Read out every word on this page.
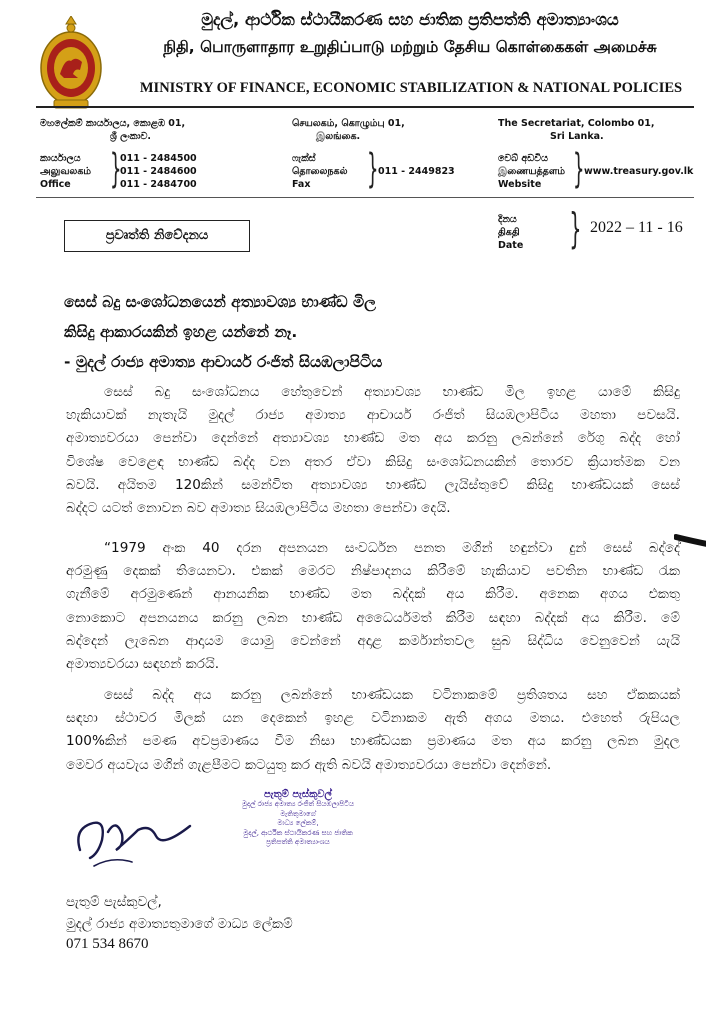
මුදල්, ආර්ථික ස්ථායීකරණ සහ ජාතික ප්‍රතිපත්ති අමාත්‍යාංශය
நிதி, பொருளாதார உறுதிப்பாடு மற்றும் தேசிய கொள்கைகள் அமைச்சு
MINISTRY OF FINANCE, ECONOMIC STABILIZATION & NATIONAL POLICIES
මහලේකම් කාර්යාලය, කොළඹ 01,
ශ්‍රී ලංකාව.
செயலகம், கொழும்பு 01,
இலங்கை.
The Secretariat, Colombo 01,
Sri Lanka.
කාර්යාලය
அலுவலகம்
Office }
011 - 2484500
011 - 2484600
011 - 2484700
ෆැක්ස්
தொலைநகல்
Fax } 011 - 2449823
වෙබ් අඩවිය
இணையத்தளம்
Website } www.treasury.gov.lk
ප්‍රවෘත්ති නිවේදනය
දිනය
திகதி
Date } 2022 – 11 - 16
සෙස් බදු සංශෝධනයෙන් අත්‍යාවශ්‍ය භාණ්ඩ මිල
කිසිදු ආකාරයකින් ඉහළ යන්නේ නෑ.
- මුදල් රාජ්‍ය අමාත්‍ය ආචාර්ය රංජිත් සියඹලාපිටිය
සෙස් බදු සංශෝධනය හේතුවෙන් අත්‍යාවශ්‍ය භාණ්ඩ මිල ඉහළ යාමේ කිසිදු
හැකියාවක් නැතැයි මුදල් රාජ්‍ය අමාත්‍ය ආචාර්ය රංජිත් සියඹලාපිටිය මහතා පවසයි.
අමාත්‍යවරයා පෙන්වා දෙන්නේ අත්‍යාවශ්‍ය භාණ්ඩ මත අය කරනු ලබන්නේ රේගු බද්ද හෝ
විශේෂ වෙළෙඳ භාණ්ඩ බද්ද වන අතර ඒවා කිසිදු සංශෝධනයකින් තොරව ක්‍රියාත්මක වන
බවයි. අයිතම 120කින් සමන්විත අත්‍යාවශ්‍ය භාණ්ඩ ලැයිස්තුවේ කිසිදු භාණ්ඩයක් සෙස්
බද්දට යටත් නොවන බව අමාත්‍ය සියඹලාපිටිය මහතා පෙන්වා දෙයි.
“1979 අංක 40 දරන අපනයන සංවර්ධන පනත මගින් හඳුන්වා දුන් සෙස් බද්දේ
අරමුණු දෙකක් තියෙනවා. එකක් මෙරට නිෂ්පාදනය කිරීමේ හැකියාව පවතින භාණ්ඩ රැක
ගැනීමේ අරමුණෙන් ආනයනික භාණ්ඩ මත බද්දක් අය කිරීම. අනෙක අගය එකතු
නොකොට අපනයනය කරනු ලබන භාණ්ඩ අධෛර්යමත් කිරීම සඳහා බද්දක් අය කිරීම. මේ
බද්දෙන් ලැබෙන ආදායම යොමු වෙන්නේ අදාළ කර්මාන්තවල සුබ සිද්ධිය වෙනුවෙන් යැයි
අමාත්‍යවරයා සඳහන් කරයි.
සෙස් බද්ද අය කරනු ලබන්නේ භාණ්ඩයක වටිනාකමේ ප්‍රතිශතය සහ ඒකකයක්
සඳහා ස්ථාවර මිලක් යන දෙකෙන් ඉහළ වටිනාකම ඇති අගය මතය. එහෙත් රුපියල
100%කින් පමණ අවප්‍රමාණය වීම නිසා භාණ්ඩයක ප්‍රමාණය මත අය කරනු ලබන මුදල
මෙවර අයවැය මගින් ගැළපීමට කටයුතු කර ඇති බවයි අමාත්‍යවරයා පෙන්වා දෙන්නේ.
පැතුම් පැස්කුවල්
මුදල් රාජ්‍ය අමාත්‍ය රංජිත් සියඹලාපිටිය
මැතිතුමාගේ
මාධ්‍ය ලේකම්,
මුදල්, ආර්ථික ස්ථායීකරණ සහ ජාතික
ප්‍රතිපත්ති අමාත්‍යාංශය
පැතුම් පැස්කුවල්,
මුදල් රාජ්‍ය අමාත්‍යතුමාගේ මාධ්‍ය ලේකම්
071 534 8670
